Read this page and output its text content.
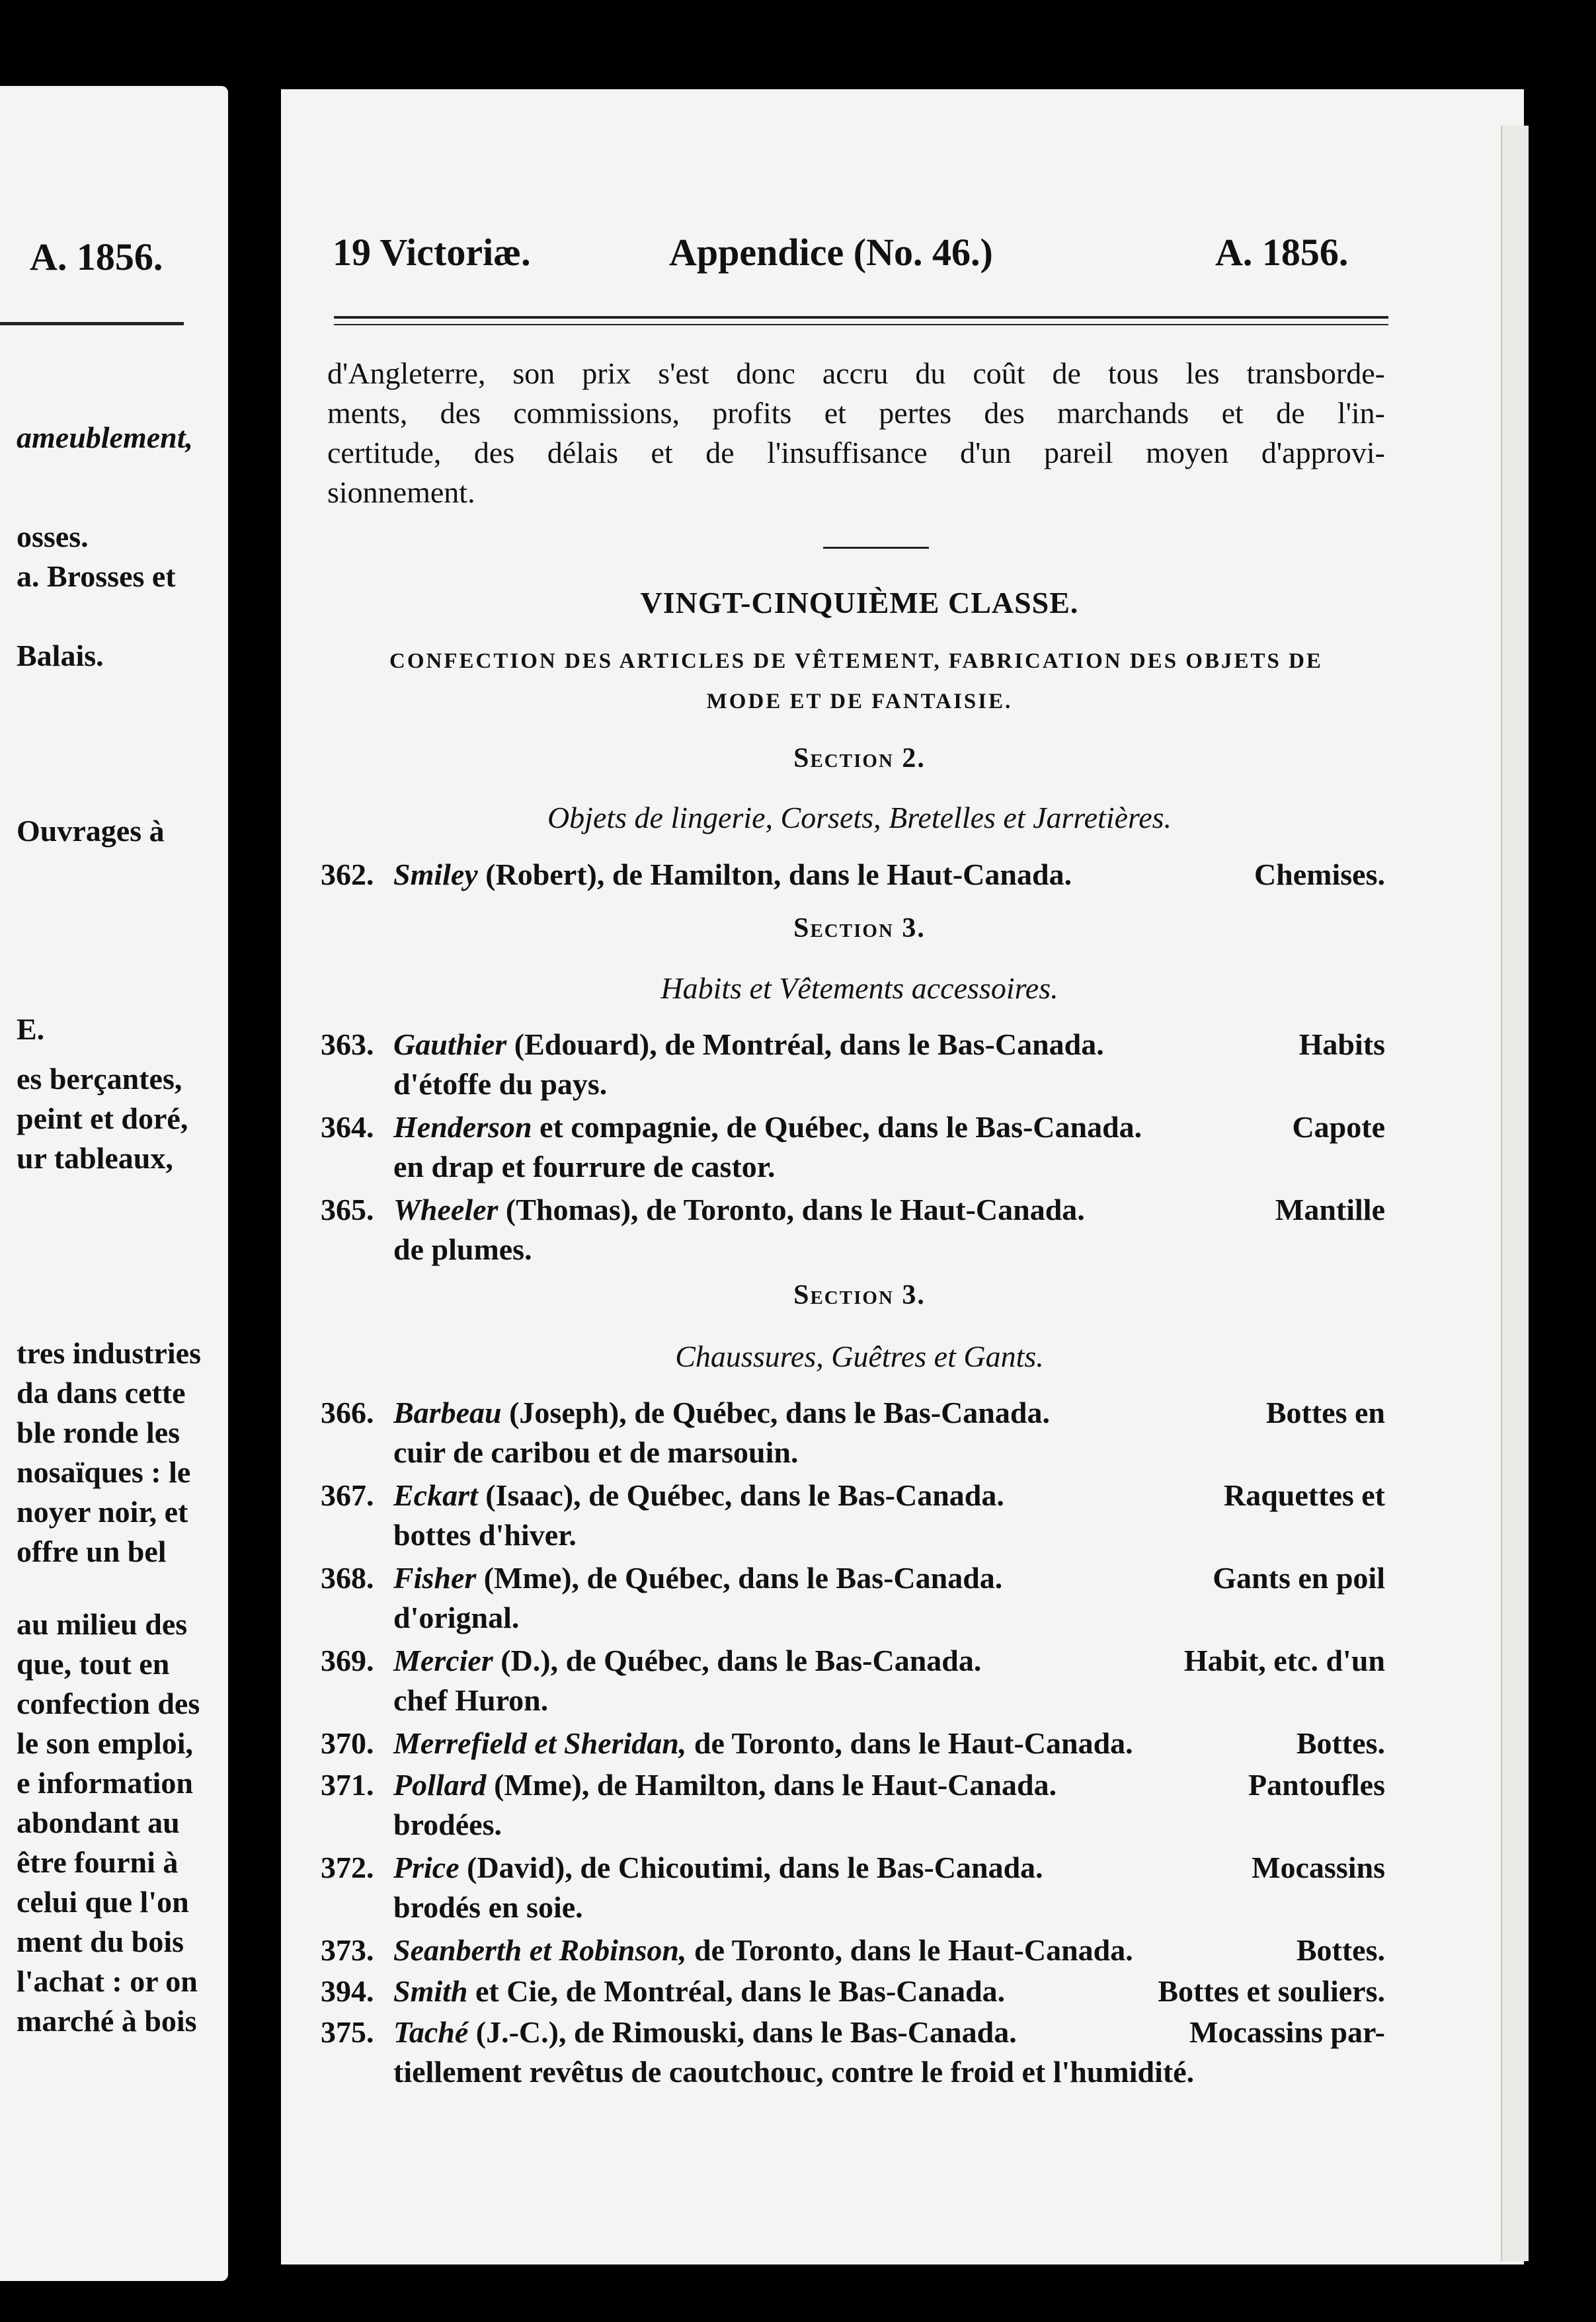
A. 1856.
ameublement,
osses.
a. Brosses et
Balais.
Ouvrages à
E.
es berçantes,
peint et doré,
ur tableaux,
tres industries
da dans cette
ble ronde les
nosaïques : le
noyer noir, et
offre un bel
au milieu des
que, tout en
confection des
le son emploi,
e information
abondant au
être fourni à
celui que l'on
ment du bois
l'achat : or on
marché à bois
19 Victoriæ.	Appendice (No. 46.)	A. 1856.
d'Angleterre, son prix s'est donc accru du coût de tous les transborde-
ments, des commissions, profits et pertes des marchands et de l'in-
certitude, des délais et de l'insuffisance d'un pareil moyen d'approvi-
sionnement.
VINGT-CINQUIÈME CLASSE.
CONFECTION DES ARTICLES DE VÊTEMENT, FABRICATION DES OBJETS DE
MODE ET DE FANTAISIE.
Section 2.
Objets de lingerie, Corsets, Bretelles et Jarretières.
362. Smiley (Robert), de Hamilton, dans le Haut-Canada.	Chemises.
Section 3.
Habits et Vêtements accessoires.
363. Gauthier (Edouard), de Montréal, dans le Bas-Canada.	Habits
d'étoffe du pays.
364. Henderson et compagnie, de Québec, dans le Bas-Canada.	Capote
en drap et fourrure de castor.
365. Wheeler (Thomas), de Toronto, dans le Haut-Canada.	Mantille
de plumes.
Section 3.
Chaussures, Guêtres et Gants.
366. Barbeau (Joseph), de Québec, dans le Bas-Canada.	Bottes en
cuir de caribou et de marsouin.
367. Eckart (Isaac), de Québec, dans le Bas-Canada.	Raquettes et
bottes d'hiver.
368. Fisher (Mme), de Québec, dans le Bas-Canada.	Gants en poil
d'orignal.
369. Mercier (D.), de Québec, dans le Bas-Canada.	Habit, etc. d'un
chef Huron.
370. Merrefield et Sheridan, de Toronto, dans le Haut-Canada.	Bottes.
371. Pollard (Mme), de Hamilton, dans le Haut-Canada.	Pantoufles
brodées.
372. Price (David), de Chicoutimi, dans le Bas-Canada.	Mocassins
brodés en soie.
373. Seanberth et Robinson, de Toronto, dans le Haut-Canada.	Bottes.
394. Smith et Cie, de Montréal, dans le Bas-Canada.	Bottes et souliers.
375. Taché (J.-C.), de Rimouski, dans le Bas-Canada.	Mocassins par-
tiellement revêtus de caoutchouc, contre le froid et l'humidité.
